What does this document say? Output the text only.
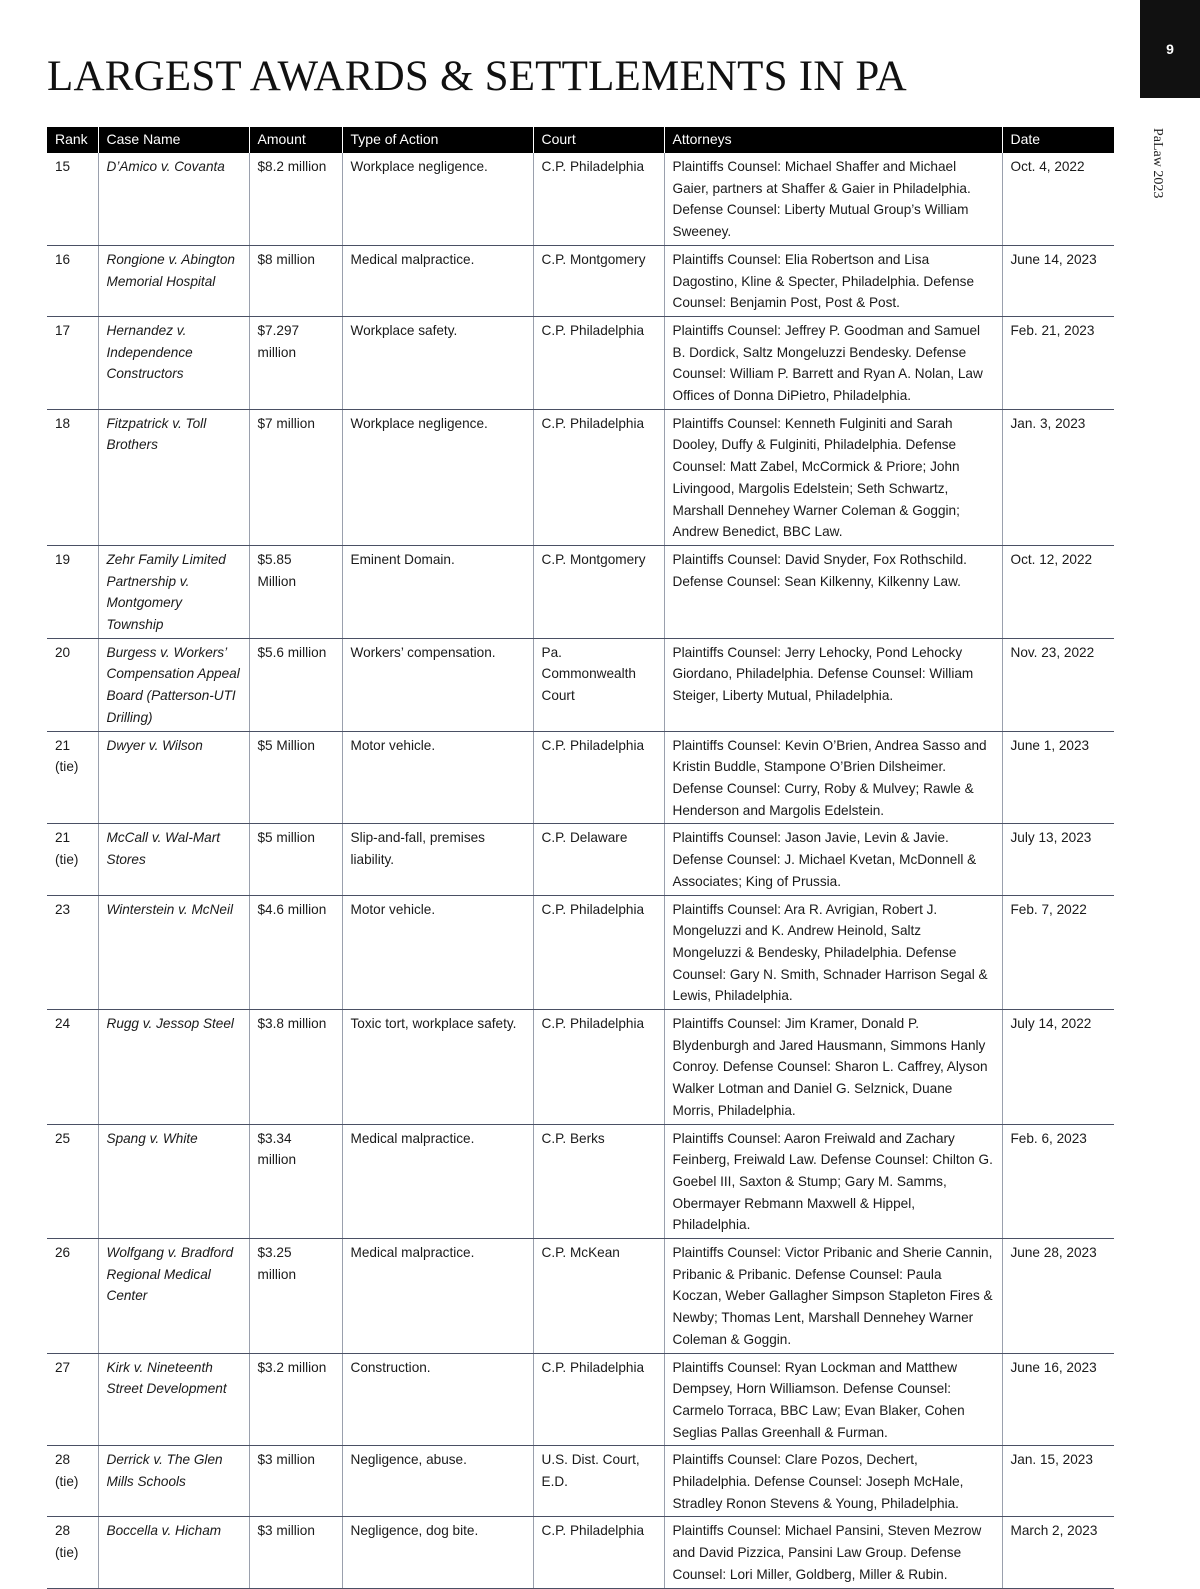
LARGEST AWARDS & SETTLEMENTS IN PA
9
PaLaw 2023
Rank	Case Name	Amount	Type of Action	Court	Attorneys	Date
15	D’Amico v. Covanta	$8.2 million	Workplace negligence.	C.P. Philadelphia	Plaintiffs Counsel: Michael Shaffer and Michael Gaier, partners at Shaffer & Gaier in Philadelphia. Defense Counsel: Liberty Mutual Group’s William Sweeney.	Oct. 4, 2022
16	Rongione v. Abington Memorial Hospital	$8 million	Medical malpractice.	C.P. Montgomery	Plaintiffs Counsel: Elia Robertson and Lisa Dagostino, Kline & Specter, Philadelphia. Defense Counsel: Benjamin Post, Post & Post.	June 14, 2023
17	Hernandez v. Independence Constructors	$7.297 million	Workplace safety.	C.P. Philadelphia	Plaintiffs Counsel: Jeffrey P. Goodman and Samuel B. Dordick, Saltz Mongeluzzi Bendesky. Defense Counsel: William P. Barrett and Ryan A. Nolan, Law Offices of Donna DiPietro, Philadelphia.	Feb. 21, 2023
18	Fitzpatrick v. Toll Brothers	$7 million	Workplace negligence.	C.P. Philadelphia	Plaintiffs Counsel: Kenneth Fulginiti and Sarah Dooley, Duffy & Fulginiti, Philadelphia. Defense Counsel: Matt Zabel, McCormick & Priore; John Livingood, Margolis Edelstein; Seth Schwartz, Marshall Dennehey Warner Coleman & Goggin; Andrew Benedict, BBC Law.	Jan. 3, 2023
19	Zehr Family Limited Partnership v. Montgomery Township	$5.85 Million	Eminent Domain.	C.P. Montgomery	Plaintiffs Counsel: David Snyder, Fox Rothschild. Defense Counsel: Sean Kilkenny, Kilkenny Law.	Oct. 12, 2022
20	Burgess v. Workers’ Compensation Appeal Board (Patterson-UTI Drilling)	$5.6 million	Workers’ compensation.	Pa. Commonwealth Court	Plaintiffs Counsel: Jerry Lehocky, Pond Lehocky Giordano, Philadelphia. Defense Counsel: William Steiger, Liberty Mutual, Philadelphia.	Nov. 23, 2022
21 (tie)	Dwyer v. Wilson	$5 Million	Motor vehicle.	C.P. Philadelphia	Plaintiffs Counsel: Kevin O’Brien, Andrea Sasso and Kristin Buddle, Stampone O’Brien Dilsheimer. Defense Counsel: Curry, Roby & Mulvey; Rawle & Henderson and Margolis Edelstein.	June 1, 2023
21 (tie)	McCall v. Wal-Mart Stores	$5 million	Slip-and-fall, premises liability.	C.P. Delaware	Plaintiffs Counsel: Jason Javie, Levin & Javie. Defense Counsel: J. Michael Kvetan, McDonnell & Associates; King of Prussia.	July 13, 2023
23	Winterstein v. McNeil	$4.6 million	Motor vehicle.	C.P. Philadelphia	Plaintiffs Counsel: Ara R. Avrigian, Robert J. Mongeluzzi and K. Andrew Heinold, Saltz Mongeluzzi & Bendesky, Philadelphia. Defense Counsel: Gary N. Smith, Schnader Harrison Segal & Lewis, Philadelphia.	Feb. 7, 2022
24	Rugg v. Jessop Steel	$3.8 million	Toxic tort, workplace safety.	C.P. Philadelphia	Plaintiffs Counsel: Jim Kramer, Donald P. Blydenburgh and Jared Hausmann, Simmons Hanly Conroy. Defense Counsel: Sharon L. Caffrey, Alyson Walker Lotman and Daniel G. Selznick, Duane Morris, Philadelphia.	July 14, 2022
25	Spang v. White	$3.34 million	Medical malpractice.	C.P. Berks	Plaintiffs Counsel: Aaron Freiwald and Zachary Feinberg, Freiwald Law. Defense Counsel: Chilton G. Goebel III, Saxton & Stump; Gary M. Samms, Obermayer Rebmann Maxwell & Hippel, Philadelphia.	Feb. 6, 2023
26	Wolfgang v. Bradford Regional Medical Center	$3.25 million	Medical malpractice.	C.P. McKean	Plaintiffs Counsel: Victor Pribanic and Sherie Cannin, Pribanic & Pribanic. Defense Counsel: Paula Koczan, Weber Gallagher Simpson Stapleton Fires & Newby; Thomas Lent, Marshall Dennehey Warner Coleman & Goggin.	June 28, 2023
27	Kirk v. Nineteenth Street Development	$3.2 million	Construction.	C.P. Philadelphia	Plaintiffs Counsel: Ryan Lockman and Matthew Dempsey, Horn Williamson. Defense Counsel: Carmelo Torraca, BBC Law; Evan Blaker, Cohen Seglias Pallas Greenhall & Furman.	June 16, 2023
28 (tie)	Derrick v. The Glen Mills Schools	$3 million	Negligence, abuse.	U.S. Dist. Court, E.D.	Plaintiffs Counsel: Clare Pozos, Dechert, Philadelphia. Defense Counsel: Joseph McHale, Stradley Ronon Stevens & Young, Philadelphia.	Jan. 15, 2023
28 (tie)	Boccella v. Hicham	$3 million	Negligence, dog bite.	C.P. Philadelphia	Plaintiffs Counsel: Michael Pansini, Steven Mezrow and David Pizzica, Pansini Law Group. Defense Counsel: Lori Miller, Goldberg, Miller & Rubin.	March 2, 2023
